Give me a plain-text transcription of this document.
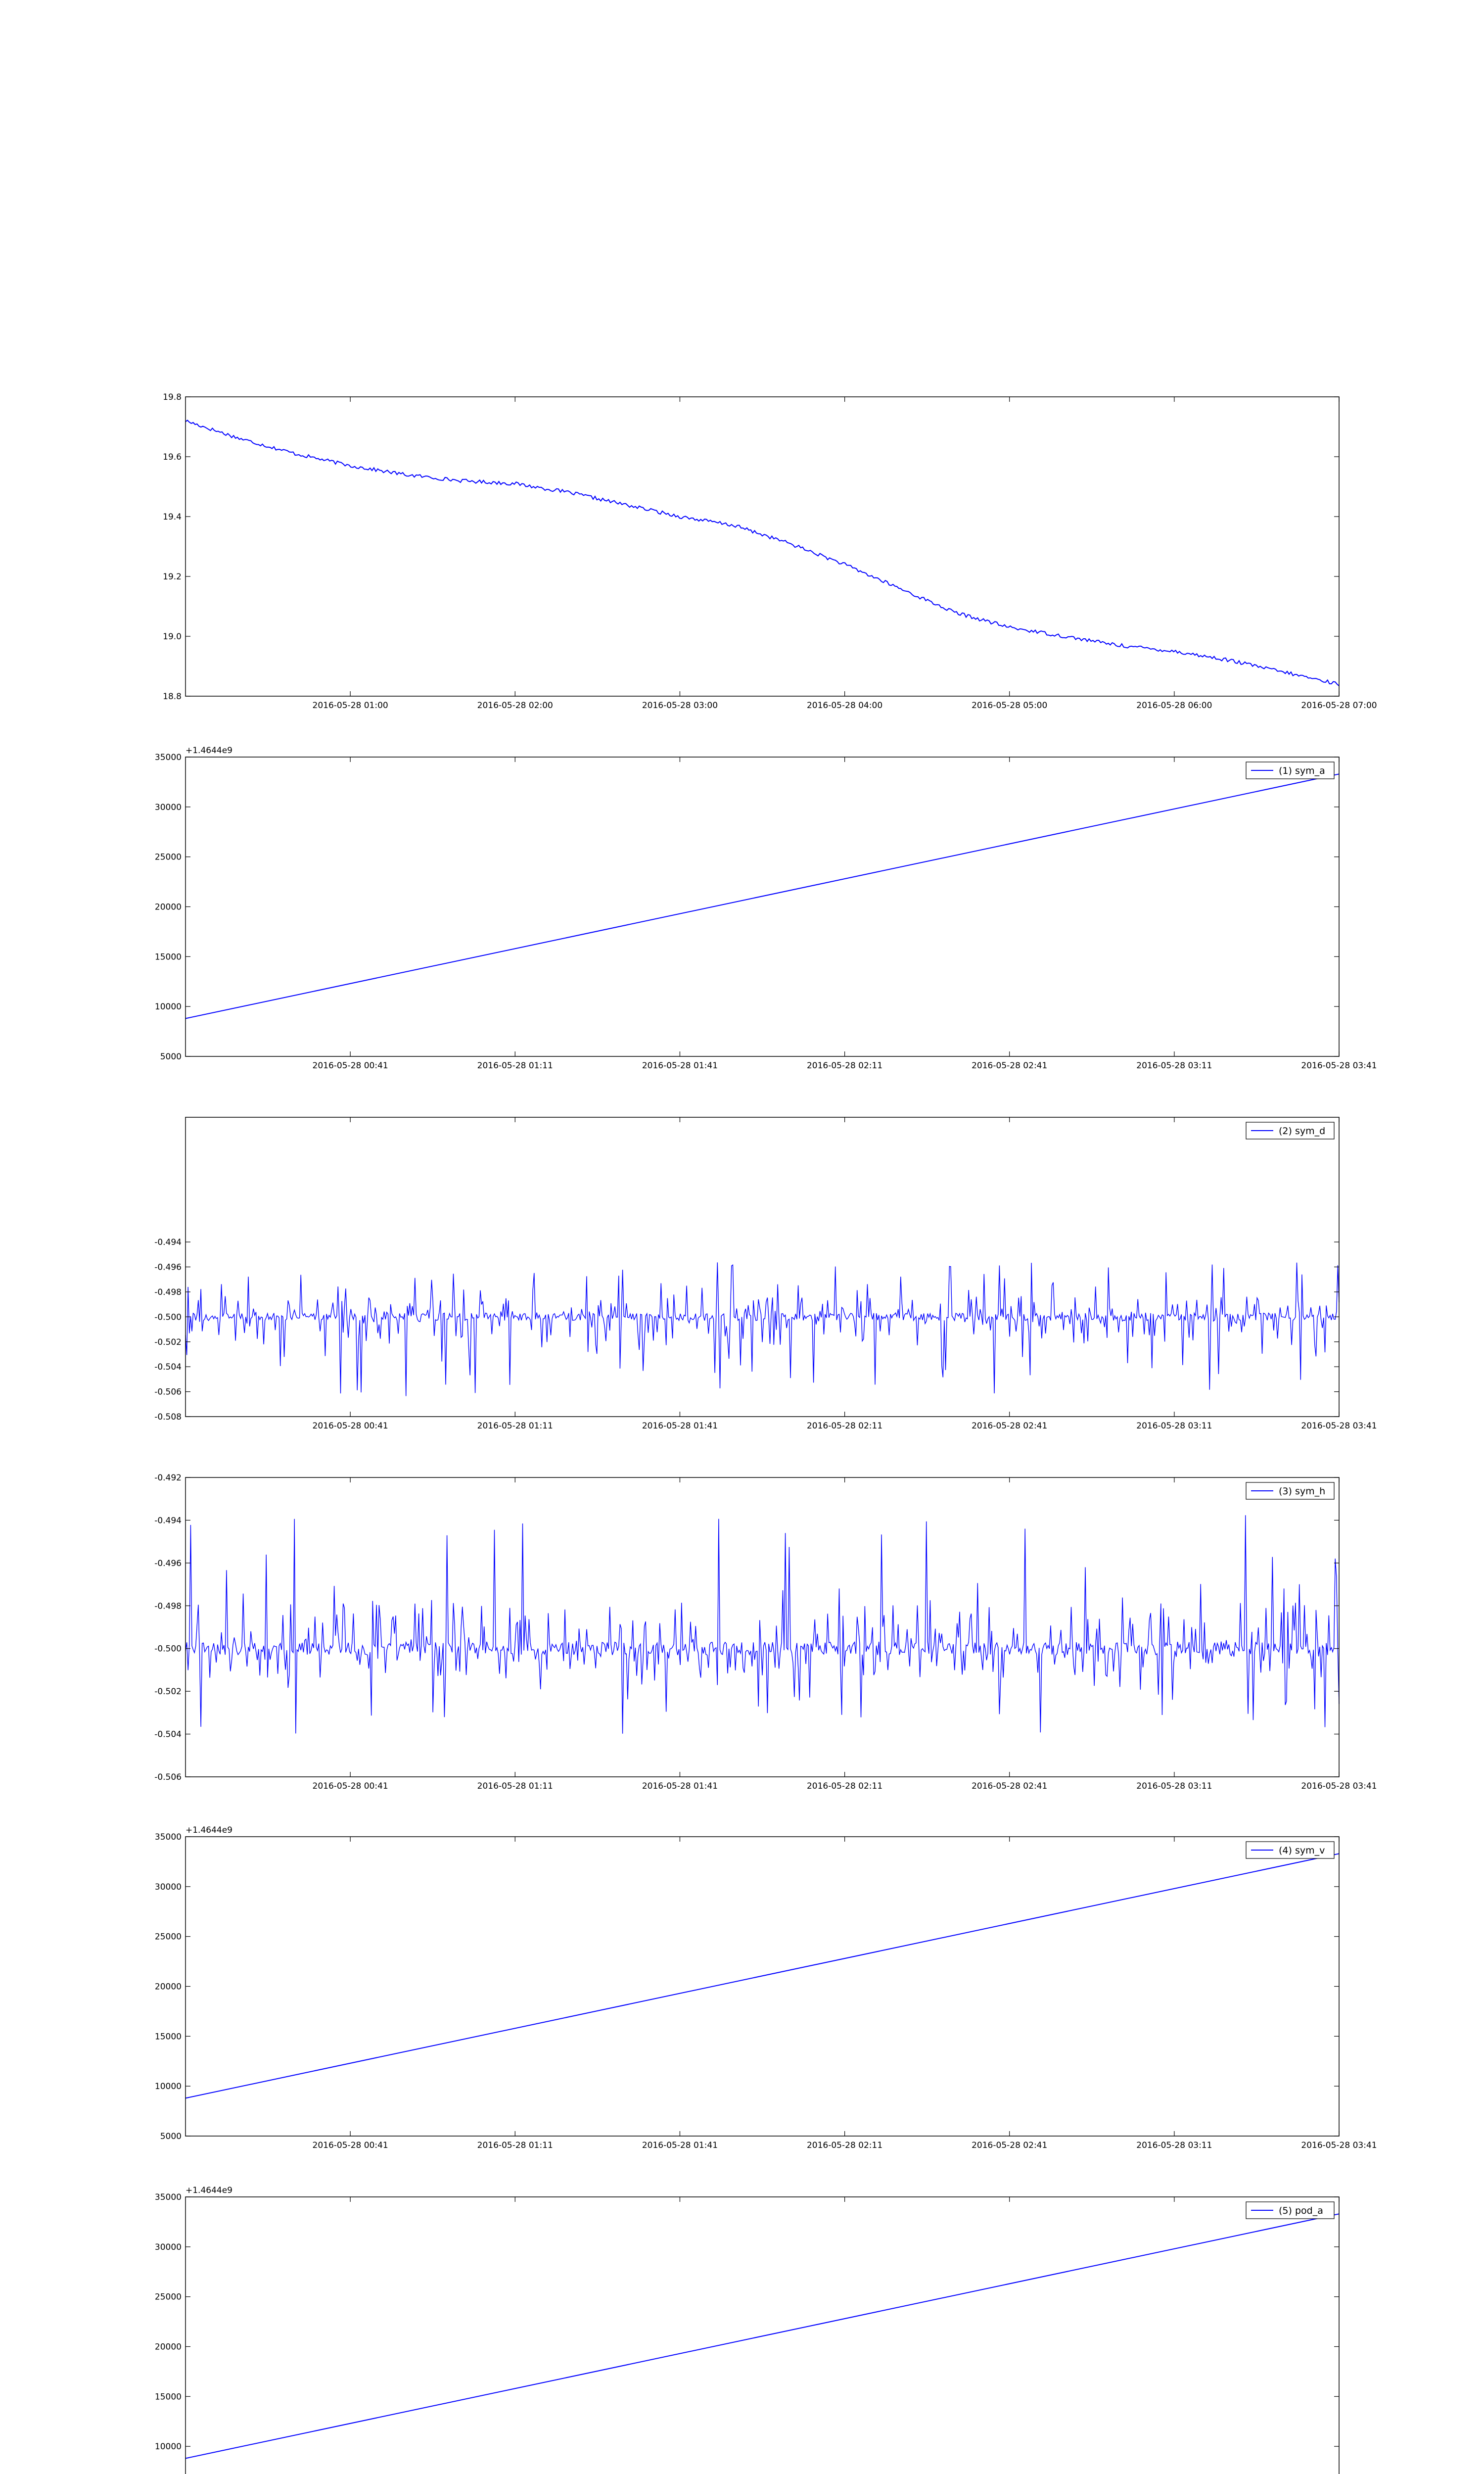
18.8
19.0
19.2
19.4
19.6
19.8
2016-05-28 01:00	2016-05-28 02:00	2016-05-28 03:00	2016-05-28 04:00	2016-05-28 05:00	2016-05-28 06:00	2016-05-28 07:00
+1.4644e9
5000
10000
15000
20000
25000
30000
35000
2016-05-28 00:41	2016-05-28 01:11	2016-05-28 01:41	2016-05-28 02:11	2016-05-28 02:41	2016-05-28 03:11	2016-05-28 03:41
(1) sym_a
-0.508
-0.506
-0.504
-0.502
-0.500
-0.498
-0.496
-0.494
2016-05-28 00:41	2016-05-28 01:11	2016-05-28 01:41	2016-05-28 02:11	2016-05-28 02:41	2016-05-28 03:11	2016-05-28 03:41
(2) sym_d
-0.506
-0.504
-0.502
-0.500
-0.498
-0.496
-0.494
-0.492
2016-05-28 00:41	2016-05-28 01:11	2016-05-28 01:41	2016-05-28 02:11	2016-05-28 02:41	2016-05-28 03:11	2016-05-28 03:41
(3) sym_h
+1.4644e9
5000
10000
15000
20000
25000
30000
35000
2016-05-28 00:41	2016-05-28 01:11	2016-05-28 01:41	2016-05-28 02:11	2016-05-28 02:41	2016-05-28 03:11	2016-05-28 03:41
(4) sym_v
+1.4644e9
10000
15000
20000
25000
30000
35000
(5) pod_a
